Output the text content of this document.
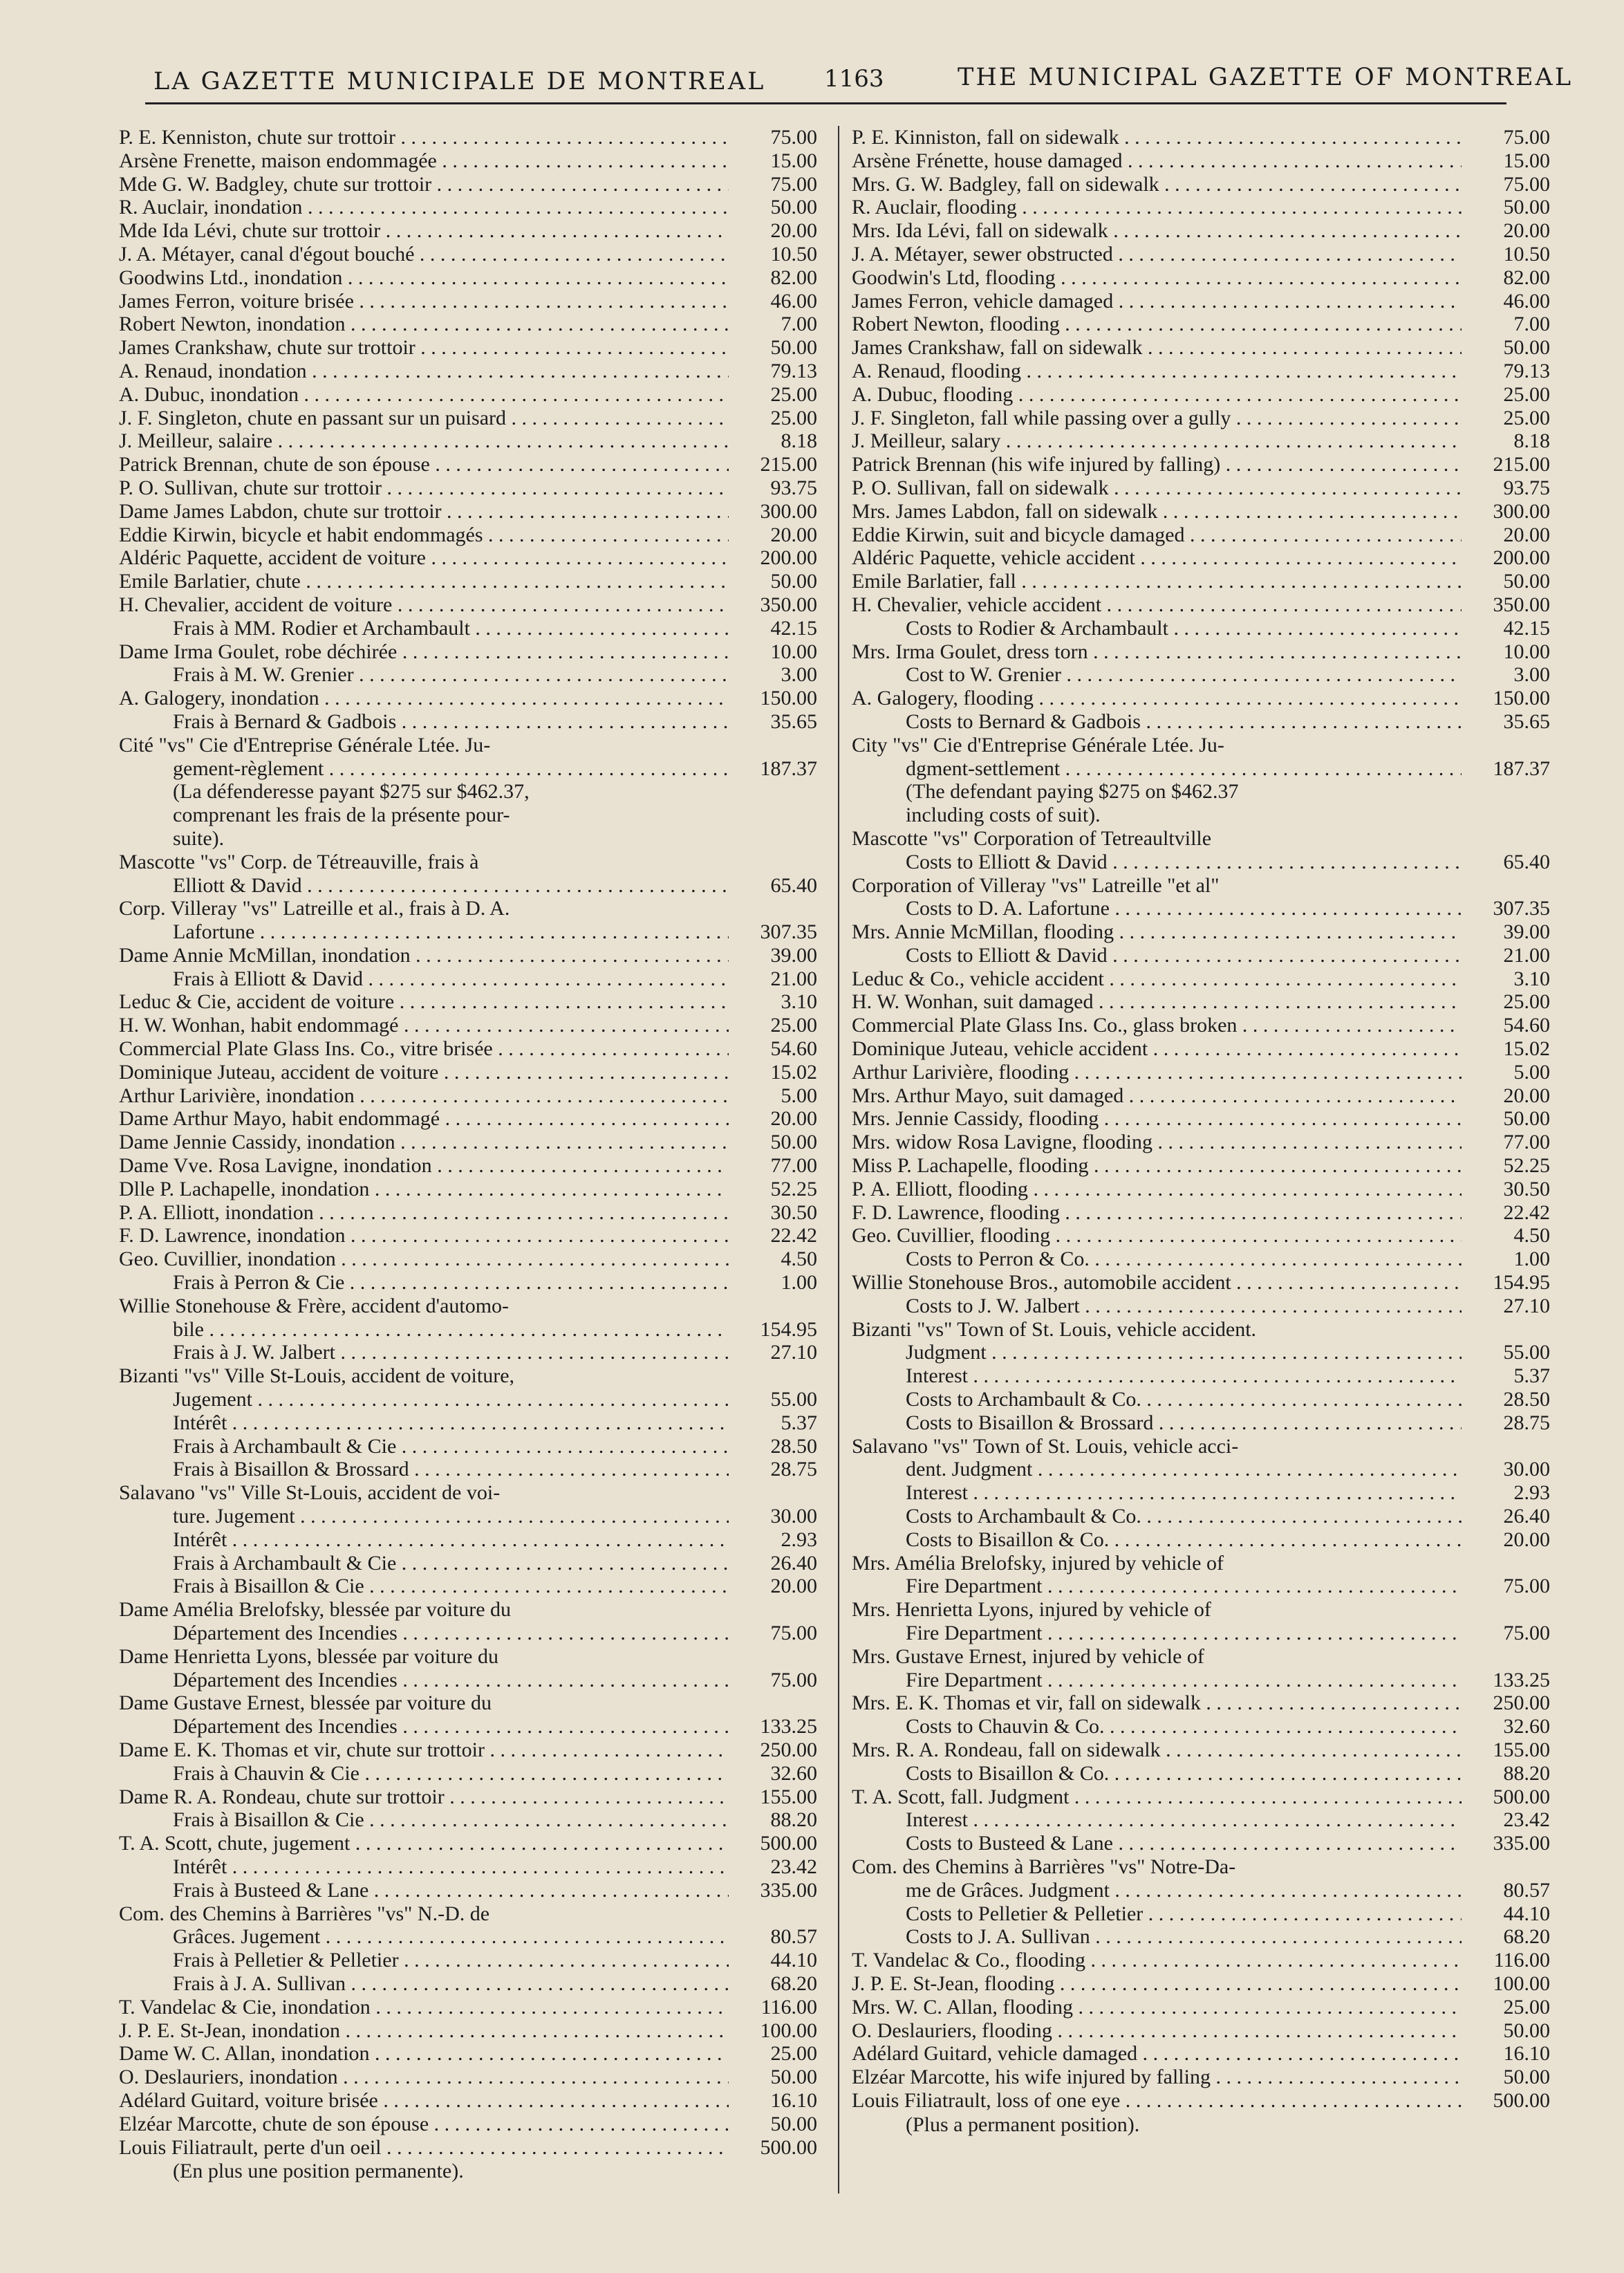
LA GAZETTE MUNICIPALE DE MONTREAL 1163	THE MUNICIPAL GAZETTE OF MONTREAL
P. E. Kenniston, chute sur trottoir . . .	75.00
Arsène Frenette, maison endommagée . . .	15.00
Mde G. W. Badgley, chute sur trottoir . . .	75.00
R. Auclair, inondation . . .	50.00
Mde Ida Lévi, chute sur trottoir . . .	20.00
J. A. Métayer, canal d'égout bouché . . .	10.50
Goodwins Ltd., inondation . . .	82.00
James Ferron, voiture brisée . . .	46.00
Robert Newton, inondation . . .	7.00
James Crankshaw, chute sur trottoir . . .	50.00
A. Renaud, inondation . . .	79.13
A. Dubuc, inondation . . .	25.00
J. F. Singleton, chute en passant sur un puisard . . .	25.00
J. Meilleur, salaire . . .	8.18
Patrick Brennan, chute de son épouse . . .	215.00
P. O. Sullivan, chute sur trottoir . . .	93.75
Dame James Labdon, chute sur trottoir . . .	300.00
Eddie Kirwin, bicycle et habit endommagés . . .	20.00
Aldéric Paquette, accident de voiture . . .	200.00
Emile Barlatier, chute . . .	50.00
H. Chevalier, accident de voiture . . .	350.00
Frais à MM. Rodier et Archambault . . .	42.15
Dame Irma Goulet, robe déchirée . . .	10.00
Frais à M. W. Grenier . . .	3.00
A. Galogery, inondation . . .	150.00
Frais à Bernard & Gadbois . . .	35.65
Cité "vs" Cie d'Entreprise Générale Ltée. Ju-
gement-règlement . . .	187.37
(La défenderesse payant $275 sur $462.37,
comprenant les frais de la présente pour-
suite).
Mascotte "vs" Corp. de Tétreauville, frais à
Elliott & David . . .	65.40
Corp. Villeray "vs" Latreille et al., frais à D. A.
Lafortune . . .	307.35
Dame Annie McMillan, inondation . . .	39.00
Frais à Elliott & David . . .	21.00
Leduc & Cie, accident de voiture . . .	3.10
H. W. Wonhan, habit endommagé . . .	25.00
Commercial Plate Glass Ins. Co., vitre brisée . . .	54.60
Dominique Juteau, accident de voiture . . .	15.02
Arthur Larivière, inondation . . .	5.00
Dame Arthur Mayo, habit endommagé . . .	20.00
Dame Jennie Cassidy, inondation . . .	50.00
Dame Vve. Rosa Lavigne, inondation . . .	77.00
Dlle P. Lachapelle, inondation . . .	52.25
P. A. Elliott, inondation . . .	30.50
F. D. Lawrence, inondation . . .	22.42
Geo. Cuvillier, inondation . . .	4.50
Frais à Perron & Cie . . .	1.00
Willie Stonehouse & Frère, accident d'automo-
bile . . .	154.95
Frais à J. W. Jalbert . . .	27.10
Bizanti "vs" Ville St-Louis, accident de voiture,
Jugement . . .	55.00
Intérêt . . .	5.37
Frais à Archambault & Cie . . .	28.50
Frais à Bisaillon & Brossard . . .	28.75
Salavano "vs" Ville St-Louis, accident de voi-
ture. Jugement . . .	30.00
Intérêt . . .	2.93
Frais à Archambault & Cie . . .	26.40
Frais à Bisaillon & Cie . . .	20.00
Dame Amélia Brelofsky, blessée par voiture du
Département des Incendies . . .	75.00
Dame Henrietta Lyons, blessée par voiture du
Département des Incendies . . .	75.00
Dame Gustave Ernest, blessée par voiture du
Département des Incendies . . .	133.25
Dame E. K. Thomas et vir, chute sur trottoir . . .	250.00
Frais à Chauvin & Cie . . .	32.60
Dame R. A. Rondeau, chute sur trottoir . . .	155.00
Frais à Bisaillon & Cie . . .	88.20
T. A. Scott, chute, jugement . . .	500.00
Intérêt . . .	23.42
Frais à Busteed & Lane . . .	335.00
Com. des Chemins à Barrières "vs" N.-D. de
Grâces. Jugement . . .	80.57
Frais à Pelletier & Pelletier . . .	44.10
Frais à J. A. Sullivan . . .	68.20
T. Vandelac & Cie, inondation . . .	116.00
J. P. E. St-Jean, inondation . . .	100.00
Dame W. C. Allan, inondation . . .	25.00
O. Deslauriers, inondation . . .	50.00
Adélard Guitard, voiture brisée . . .	16.10
Elzéar Marcotte, chute de son épouse . . .	50.00
Louis Filiatrault, perte d'un oeil . . .	500.00
(En plus une position permanente).
P. E. Kinniston, fall on sidewalk . . .	75.00
Arsène Frénette, house damaged . . .	15.00
Mrs. G. W. Badgley, fall on sidewalk . . .	75.00
R. Auclair, flooding . . .	50.00
Mrs. Ida Lévi, fall on sidewalk . . .	20.00
J. A. Métayer, sewer obstructed . . .	10.50
Goodwin's Ltd, flooding . . .	82.00
James Ferron, vehicle damaged . . .	46.00
Robert Newton, flooding . . .	7.00
James Crankshaw, fall on sidewalk . . .	50.00
A. Renaud, flooding . . .	79.13
A. Dubuc, flooding . . .	25.00
J. F. Singleton, fall while passing over a gully . . .	25.00
J. Meilleur, salary . . .	8.18
Patrick Brennan (his wife injured by falling) . . .	215.00
P. O. Sullivan, fall on sidewalk . . .	93.75
Mrs. James Labdon, fall on sidewalk . . .	300.00
Eddie Kirwin, suit and bicycle damaged . . .	20.00
Aldéric Paquette, vehicle accident . . .	200.00
Emile Barlatier, fall . . .	50.00
H. Chevalier, vehicle accident . . .	350.00
Costs to Rodier & Archambault . . .	42.15
Mrs. Irma Goulet, dress torn . . .	10.00
Cost to W. Grenier . . .	3.00
A. Galogery, flooding . . .	150.00
Costs to Bernard & Gadbois . . .	35.65
City "vs" Cie d'Entreprise Générale Ltée. Ju-
dgment-settlement . . .	187.37
(The defendant paying $275 on $462.37
including costs of suit).
Mascotte "vs" Corporation of Tetreaultville
Costs to Elliott & David . . .	65.40
Corporation of Villeray "vs" Latreille "et al"
Costs to D. A. Lafortune . . .	307.35
Mrs. Annie McMillan, flooding . . .	39.00
Costs to Elliott & David . . .	21.00
Leduc & Co., vehicle accident . . .	3.10
H. W. Wonhan, suit damaged . . .	25.00
Commercial Plate Glass Ins. Co., glass broken . . .	54.60
Dominique Juteau, vehicle accident . . .	15.02
Arthur Larivière, flooding . . .	5.00
Mrs. Arthur Mayo, suit damaged . . .	20.00
Mrs. Jennie Cassidy, flooding . . .	50.00
Mrs. widow Rosa Lavigne, flooding . . .	77.00
Miss P. Lachapelle, flooding . . .	52.25
P. A. Elliott, flooding . . .	30.50
F. D. Lawrence, flooding . . .	22.42
Geo. Cuvillier, flooding . . .	4.50
Costs to Perron & Co. . . .	1.00
Willie Stonehouse Bros., automobile accident . . .	154.95
Costs to J. W. Jalbert . . .	27.10
Bizanti "vs" Town of St. Louis, vehicle accident.
Judgment . . .	55.00
Interest . . .	5.37
Costs to Archambault & Co. . . .	28.50
Costs to Bisaillon & Brossard . . .	28.75
Salavano "vs" Town of St. Louis, vehicle acci-
dent. Judgment . . .	30.00
Interest . . .	2.93
Costs to Archambault & Co. . . .	26.40
Costs to Bisaillon & Co. . . .	20.00
Mrs. Amélia Brelofsky, injured by vehicle of
Fire Department . . .	75.00
Mrs. Henrietta Lyons, injured by vehicle of
Fire Department . . .	75.00
Mrs. Gustave Ernest, injured by vehicle of
Fire Department . . .	133.25
Mrs. E. K. Thomas et vir, fall on sidewalk . . .	250.00
Costs to Chauvin & Co. . . .	32.60
Mrs. R. A. Rondeau, fall on sidewalk . . .	155.00
Costs to Bisaillon & Co. . . .	88.20
T. A. Scott, fall. Judgment . . .	500.00
Interest . . .	23.42
Costs to Busteed & Lane . . .	335.00
Com. des Chemins à Barrières "vs" Notre-Da-
me de Grâces. Judgment . . .	80.57
Costs to Pelletier & Pelletier . . .	44.10
Costs to J. A. Sullivan . . .	68.20
T. Vandelac & Co., flooding . . .	116.00
J. P. E. St-Jean, flooding . . .	100.00
Mrs. W. C. Allan, flooding . . .	25.00
O. Deslauriers, flooding . . .	50.00
Adélard Guitard, vehicle damaged . . .	16.10
Elzéar Marcotte, his wife injured by falling . . .	50.00
Louis Filiatrault, loss of one eye . . .	500.00
(Plus a permanent position).
